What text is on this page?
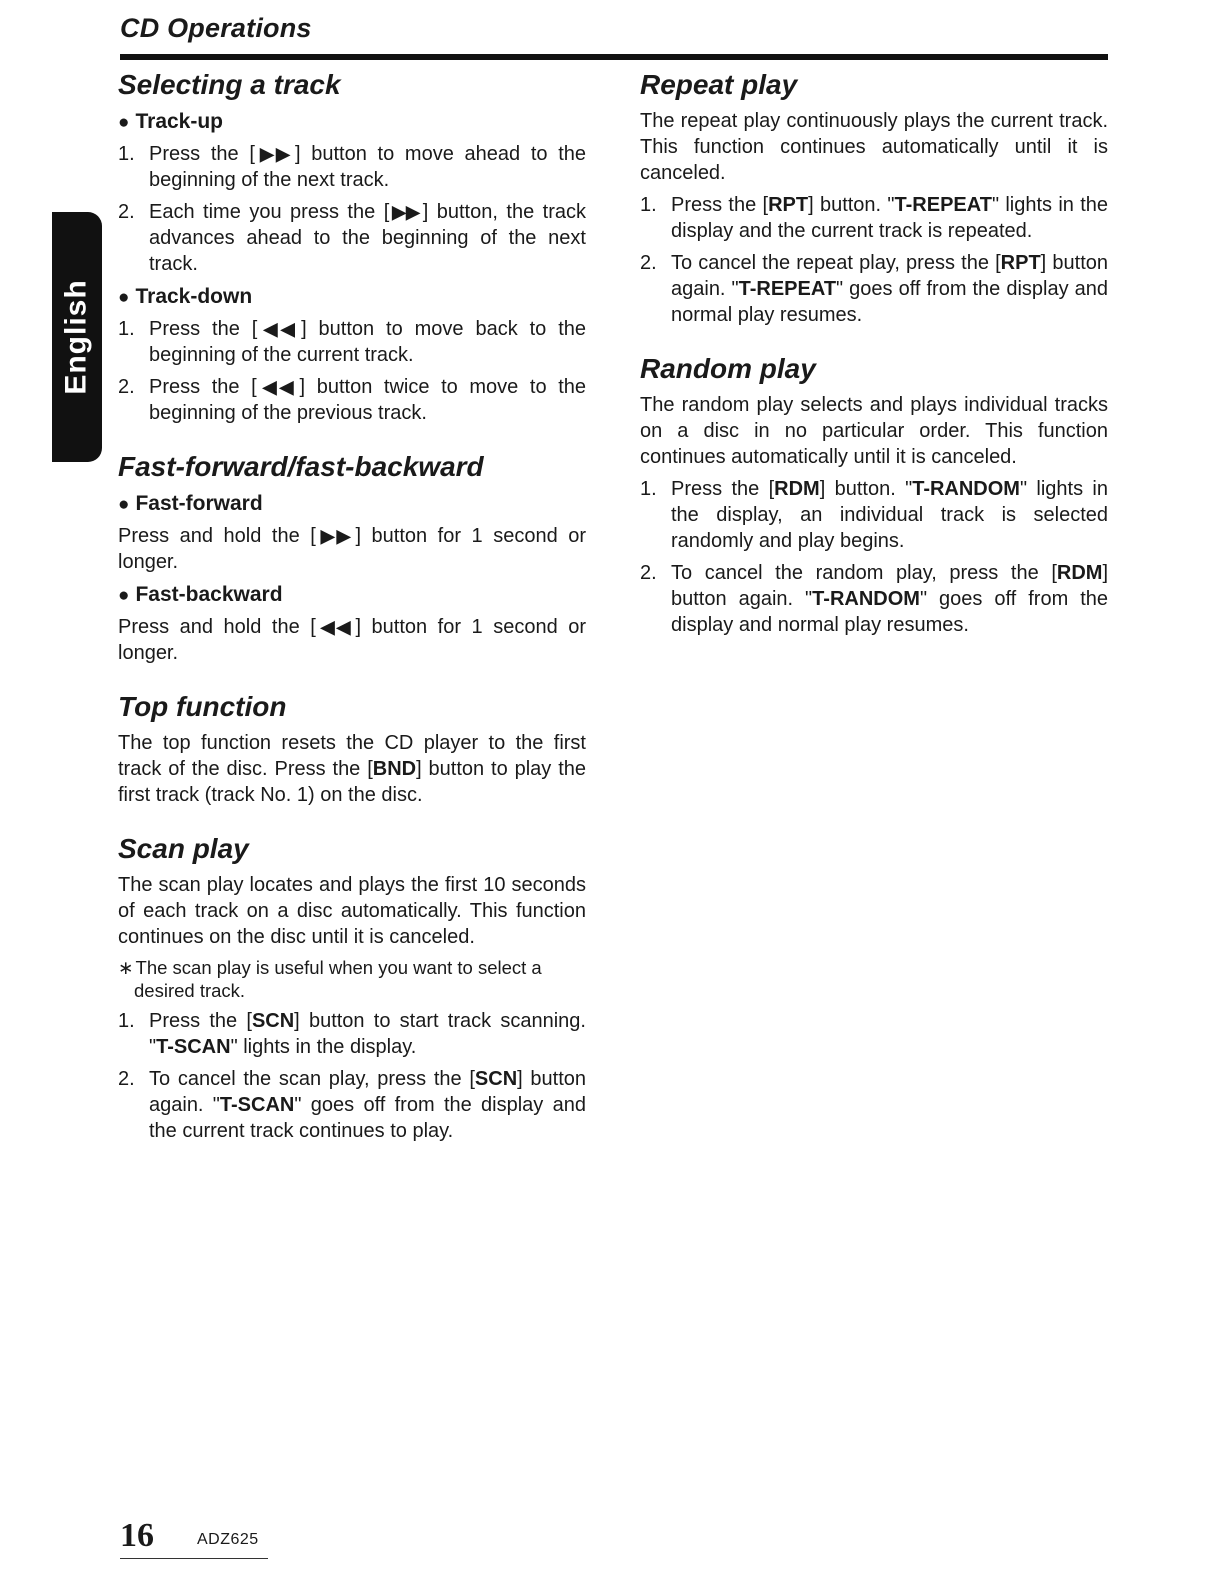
CD Operations
English
Selecting a track
● Track-up
1. Press the [▶▶ ] button to move ahead to the beginning of the next track.
2. Each time you press the [▶▶ ] button, the track advances ahead to the beginning of the next track.
● Track-down
1. Press the [◀◀ ] button to move back to the beginning of the current track.
2. Press the [◀◀ ] button twice to move to the beginning of the previous track.
Fast-forward/fast-backward
● Fast-forward

Press and hold the [▶▶ ] button for 1 second or longer.

● Fast-backward

Press and hold the [◀◀ ] button for 1 second or longer.

Top function

The top function resets the CD player to the first track of the disc. Press the [BND] button to play the first track (track No. 1) on the disc.

Scan play

The scan play locates and plays the first 10 seconds of each track on a disc automatically. This function continues on the disc until it is canceled.

∗ The scan play is useful when you want to select a desired track.

1. Press the [SCN] button to start track scanning. "T-SCAN" lights in the display.
2. To cancel the scan play, press the [SCN] button again. "T-SCAN" goes off from the display and the current track continues to play.
Repeat play

The repeat play continuously plays the current track. This function continues automatically until it is canceled.

1. Press the [RPT] button. "T-REPEAT" lights in the display and the current track is repeated.
2. To cancel the repeat play, press the [RPT] button again. "T-REPEAT" goes off from the display and normal play resumes.
Random play

The random play selects and plays individual tracks on a disc in no particular order. This function continues automatically until it is canceled.

1. Press the [RDM] button. "T-RANDOM" lights in the display, an individual track is selected randomly and play begins.
2. To cancel the random play, press the [RDM] button again. "T-RANDOM" goes off from the display and normal play resumes.
16	ADZ625
